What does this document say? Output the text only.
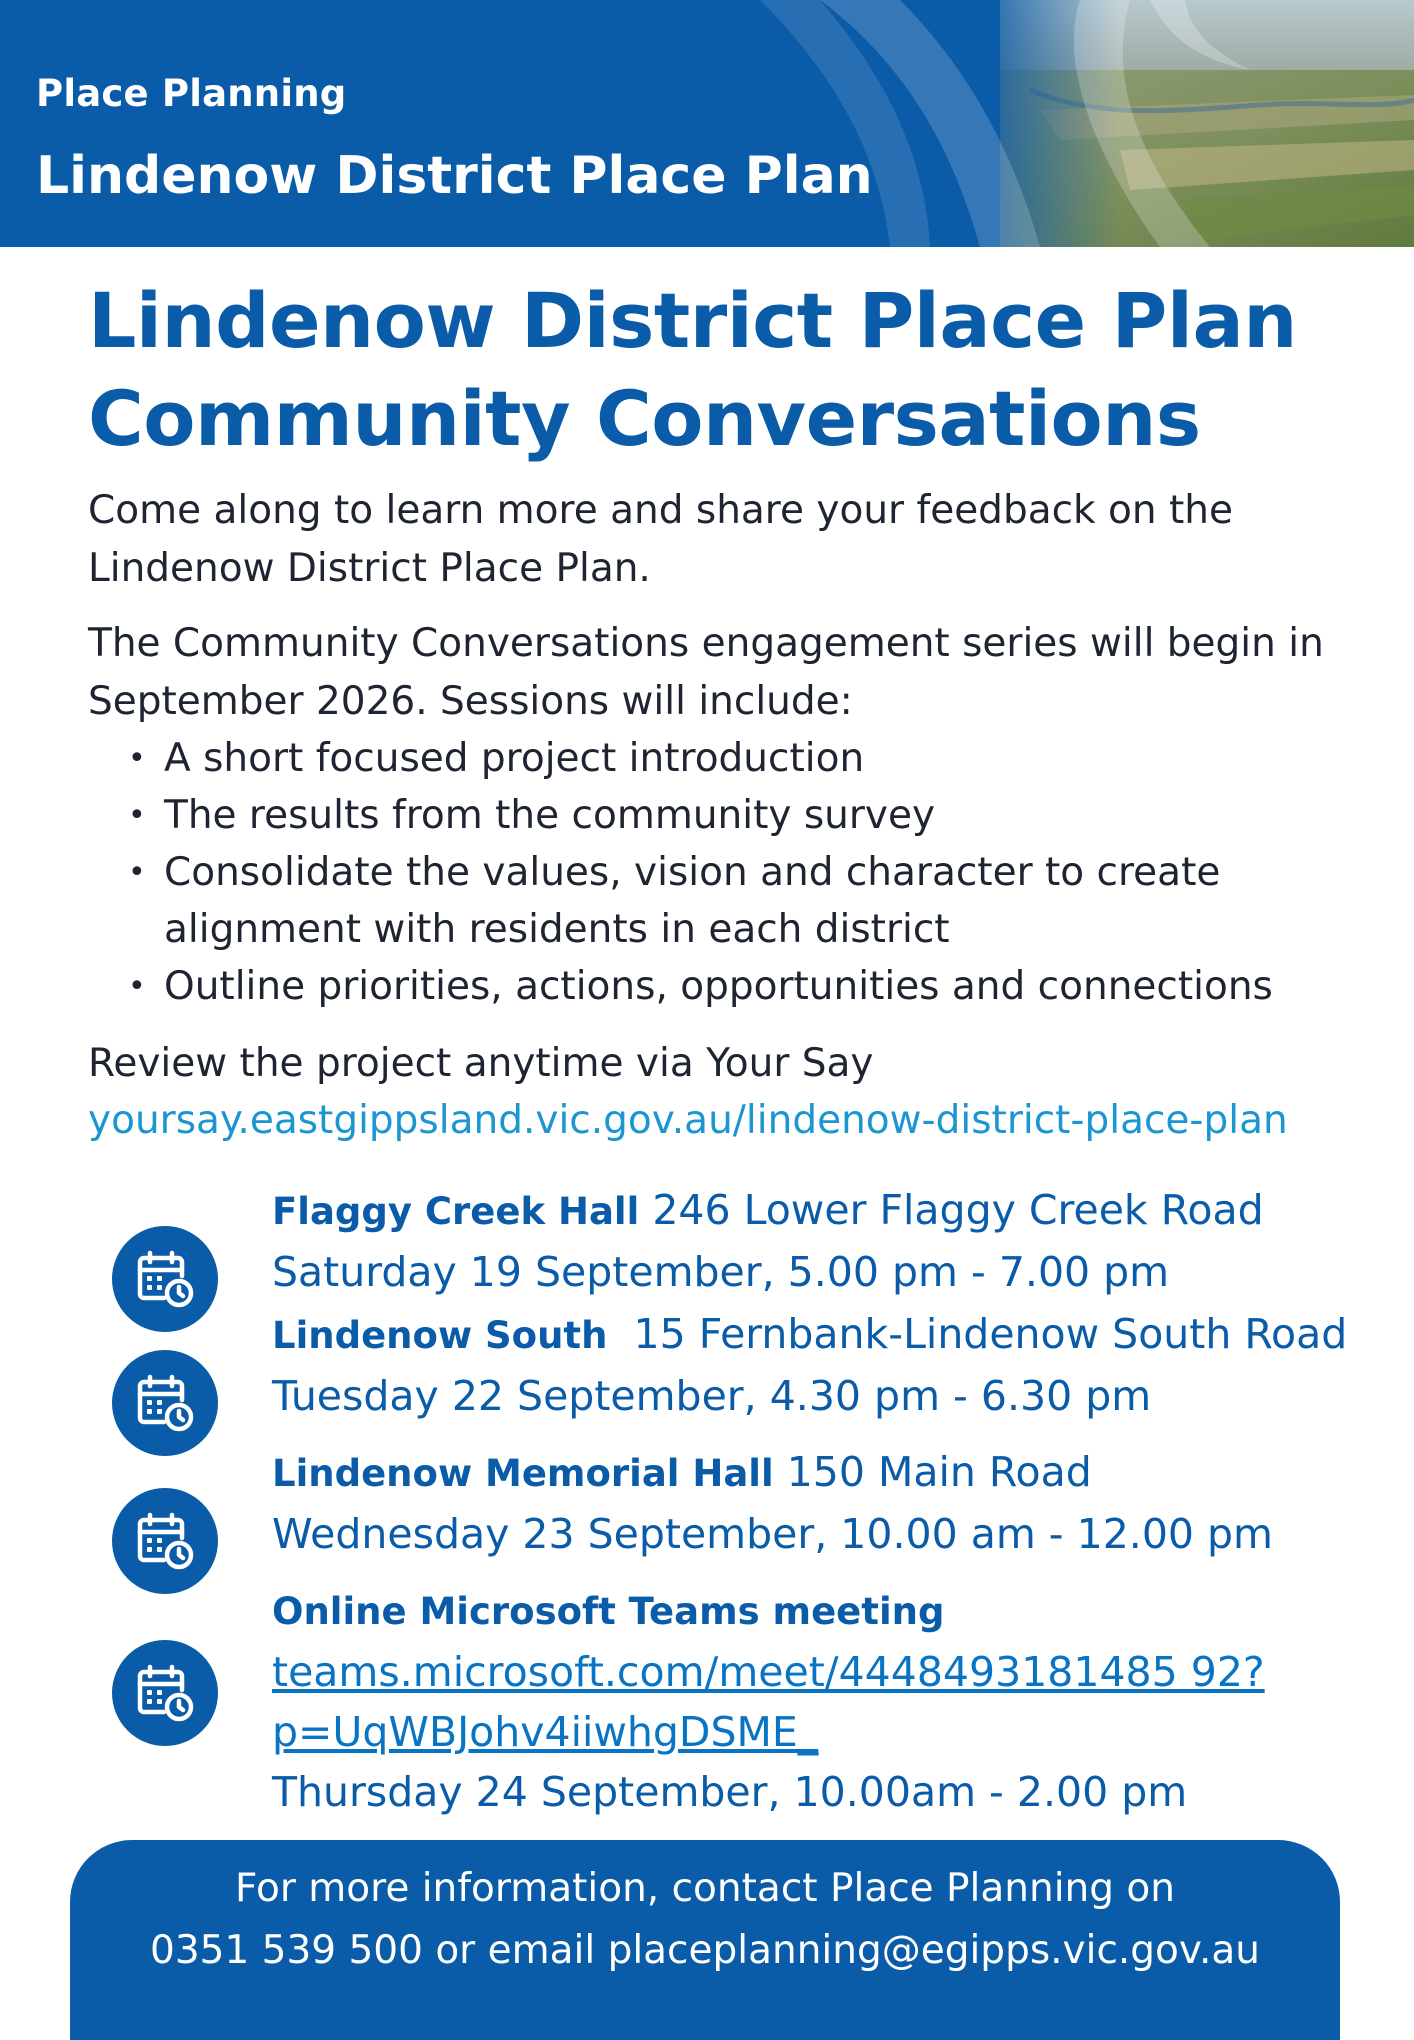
Place Planning

Lindenow District Place Plan

Lindenow District Place Plan
Community Conversations

Come along to learn more and share your feedback on the
Lindenow District Place Plan.

The Community Conversations engagement series will begin in
September 2026. Sessions will include:

• A short focused project introduction
• The results from the community survey
• Consolidate the values, vision and character to create alignment with residents in each district
• Outline priorities, actions, opportunities and connections

Review the project anytime via Your Say

yoursay.eastgippsland.vic.gov.au/lindenow-district-place-plan

Flaggy Creek Hall 246 Lower Flaggy Creek Road

Saturday 19 September, 5.00 pm - 7.00 pm

Lindenow South  15 Fernbank-Lindenow South Road

Tuesday 22 September, 4.30 pm - 6.30 pm

Lindenow Memorial Hall 150 Main Road

Wednesday 23 September, 10.00 am - 12.00 pm

Online Microsoft Teams meeting

teams.microsoft.com/meet/4448493181485 92?
p=UqWBJohv4iiwhgDSME_

Thursday 24 September, 10.00am - 2.00 pm

For more information, contact Place Planning on

0351 539 500 or email placeplanning@egipps.vic.gov.au
